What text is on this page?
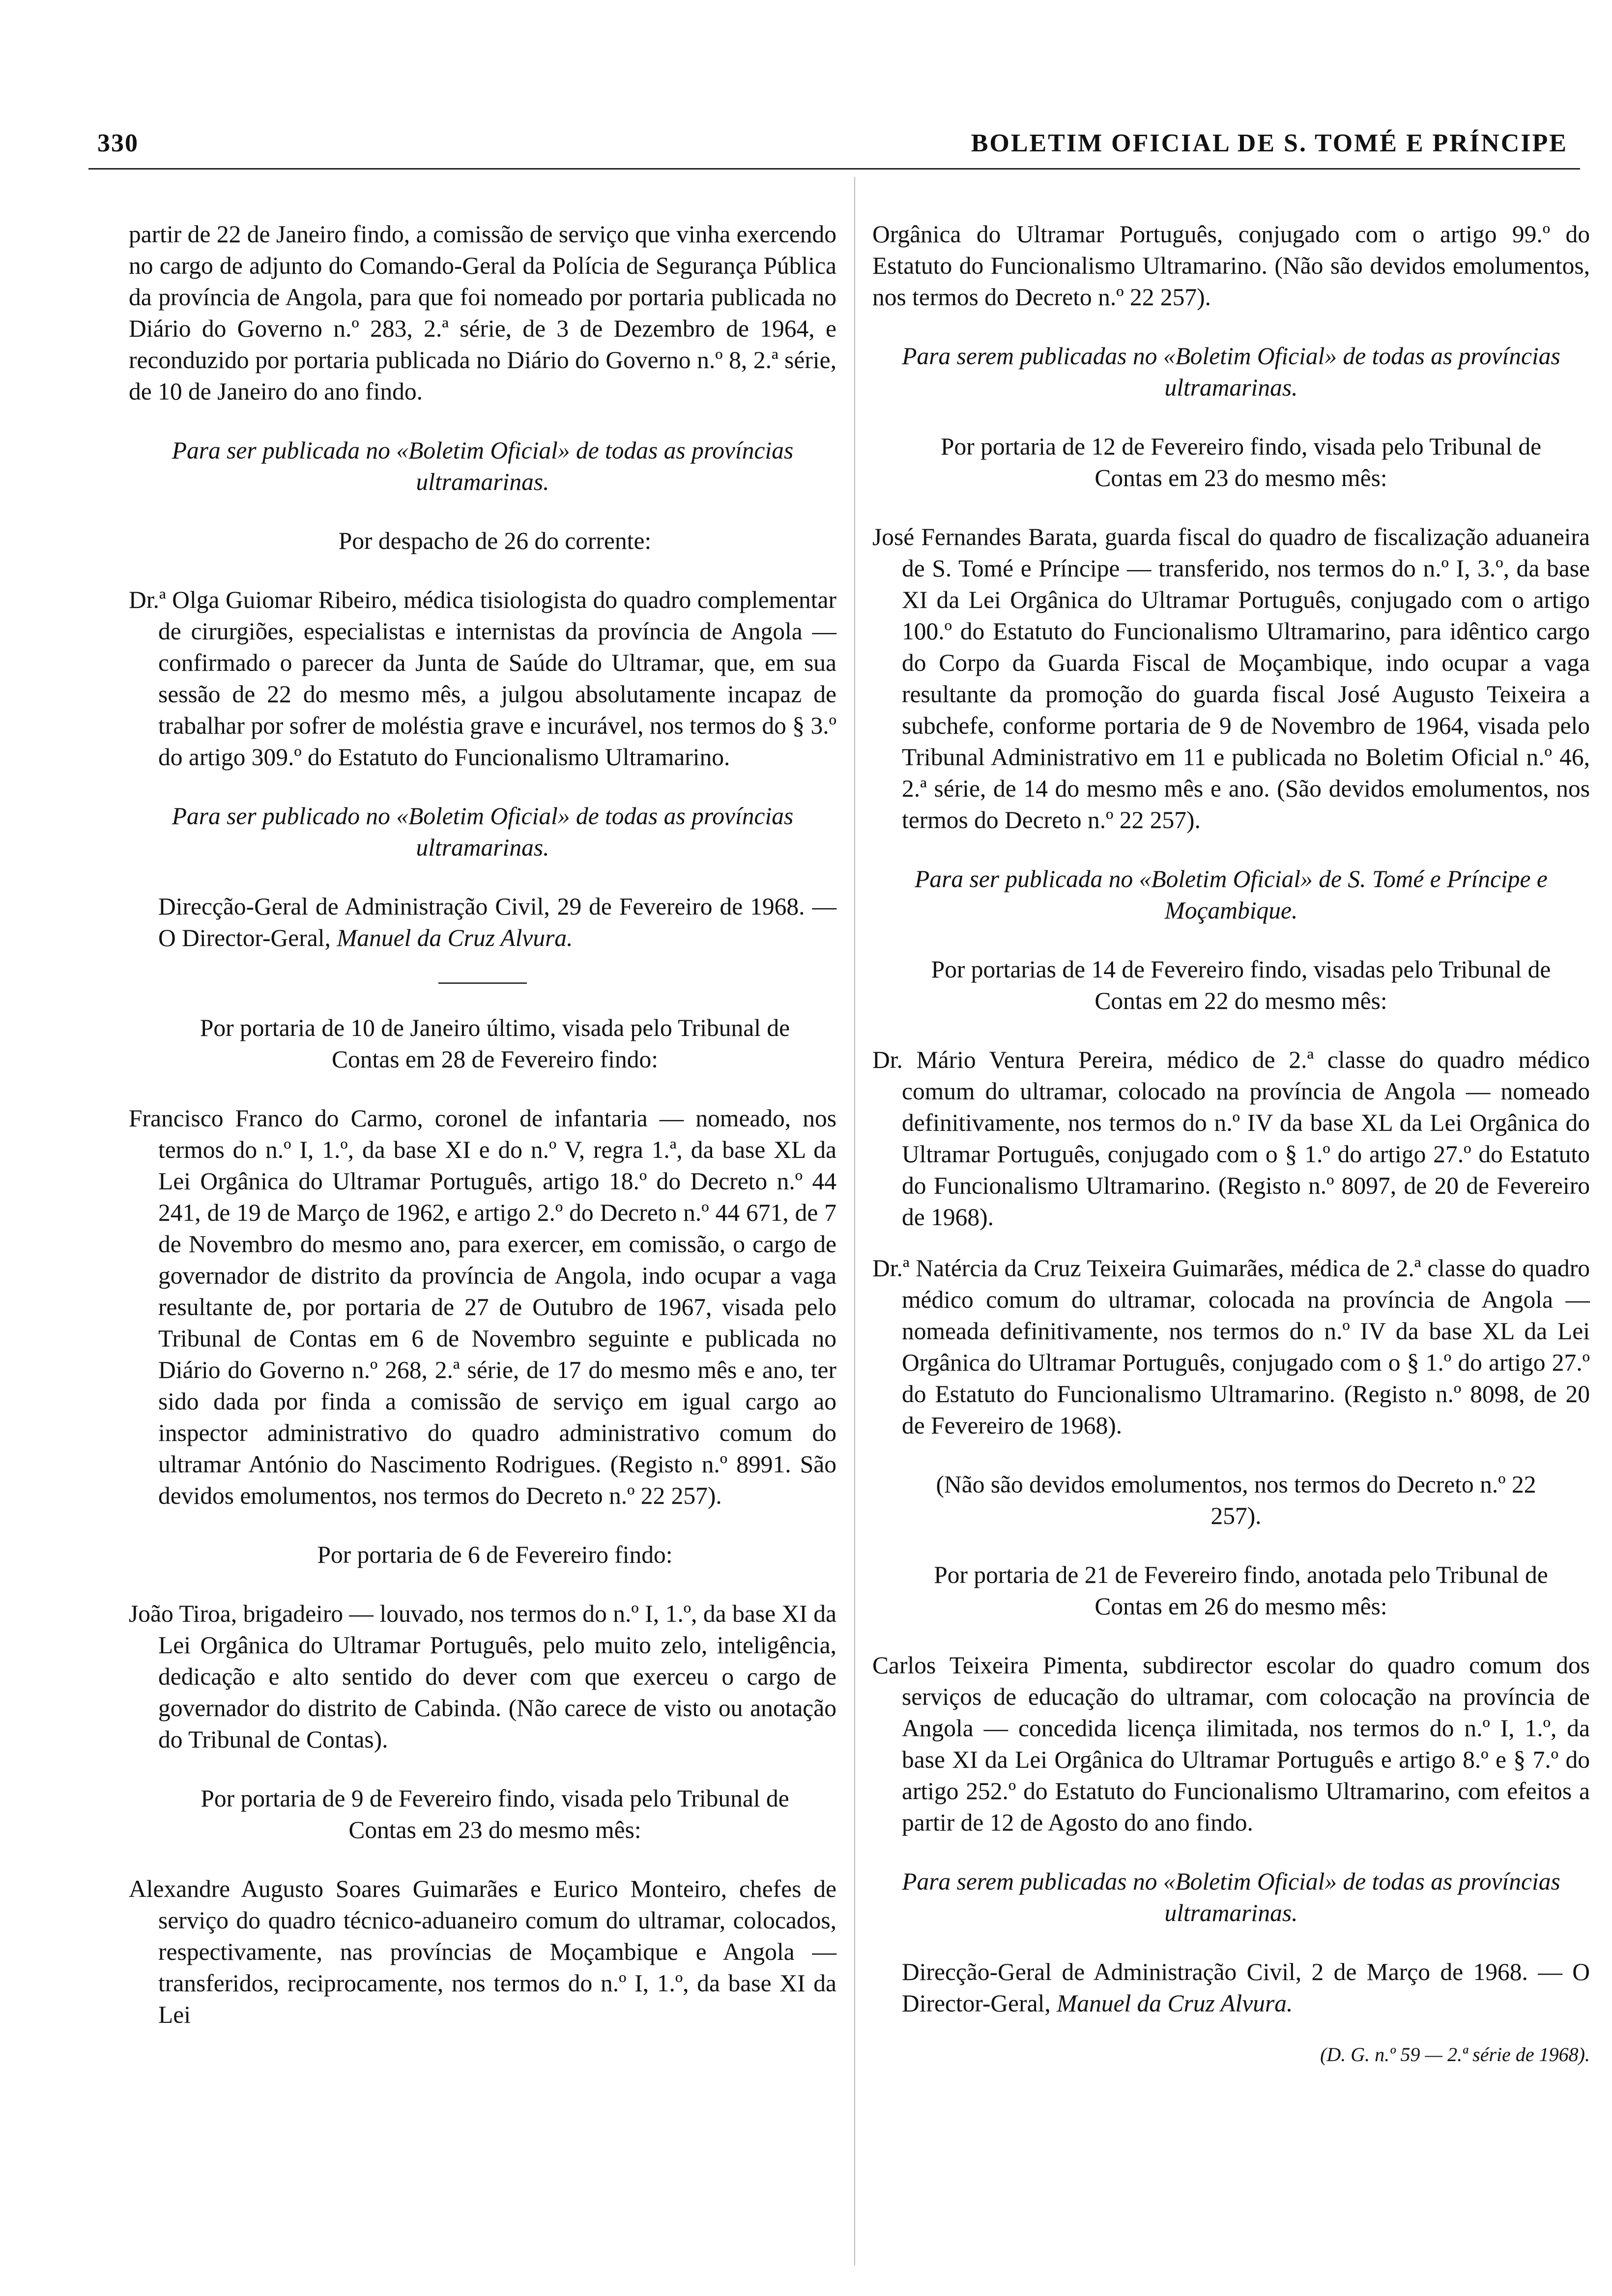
330	BOLETIM OFICIAL DE S. TOMÉ E PRÍNCIPE

partir de 22 de Janeiro findo, a comissão de serviço que vinha exercendo no cargo de adjunto do Comando-Geral da Polícia de Segurança Pública da província de Angola, para que foi nomeado por portaria publicada no Diário do Governo n.º 283, 2.ª série, de 3 de Dezembro de 1964, e reconduzido por portaria publicada no Diário do Governo n.º 8, 2.ª série, de 10 de Janeiro do ano findo.

Para ser publicada no «Boletim Oficial» de todas as províncias ultramarinas.

Por despacho de 26 do corrente:

Dr.ª Olga Guiomar Ribeiro, médica tisiologista do quadro complementar de cirurgiões, especialistas e internistas da província de Angola — confirmado o parecer da Junta de Saúde do Ultramar, que, em sua sessão de 22 do mesmo mês, a julgou absolutamente incapaz de trabalhar por sofrer de moléstia grave e incurável, nos termos do § 3.º do artigo 309.º do Estatuto do Funcionalismo Ultramarino.

Para ser publicado no «Boletim Oficial» de todas as províncias ultramarinas.

Direcção-Geral de Administração Civil, 29 de Fevereiro de 1968. — O Director-Geral, Manuel da Cruz Alvura.

Por portaria de 10 de Janeiro último, visada pelo Tribunal de Contas em 28 de Fevereiro findo:

Francisco Franco do Carmo, coronel de infantaria — nomeado, nos termos do n.º I, 1.º, da base XI e do n.º V, regra 1.ª, da base XL da Lei Orgânica do Ultramar Português, artigo 18.º do Decreto n.º 44 241, de 19 de Março de 1962, e artigo 2.º do Decreto n.º 44 671, de 7 de Novembro do mesmo ano, para exercer, em comissão, o cargo de governador de distrito da província de Angola, indo ocupar a vaga resultante de, por portaria de 27 de Outubro de 1967, visada pelo Tribunal de Contas em 6 de Novembro seguinte e publicada no Diário do Governo n.º 268, 2.ª série, de 17 do mesmo mês e ano, ter sido dada por finda a comissão de serviço em igual cargo ao inspector administrativo do quadro administrativo comum do ultramar António do Nascimento Rodrigues. (Registo n.º 8991. São devidos emolumentos, nos termos do Decreto n.º 22 257).

Por portaria de 6 de Fevereiro findo:

João Tiroa, brigadeiro — louvado, nos termos do n.º I, 1.º, da base XI da Lei Orgânica do Ultramar Português, pelo muito zelo, inteligência, dedicação e alto sentido do dever com que exerceu o cargo de governador do distrito de Cabinda. (Não carece de visto ou anotação do Tribunal de Contas).

Por portaria de 9 de Fevereiro findo, visada pelo Tribunal de Contas em 23 do mesmo mês:

Alexandre Augusto Soares Guimarães e Eurico Monteiro, chefes de serviço do quadro técnico-aduaneiro comum do ultramar, colocados, respectivamente, nas províncias de Moçambique e Angola — transferidos, reciprocamente, nos termos do n.º I, 1.º, da base XI da Lei

Orgânica do Ultramar Português, conjugado com o artigo 99.º do Estatuto do Funcionalismo Ultramarino. (Não são devidos emolumentos, nos termos do Decreto n.º 22 257).

Para serem publicadas no «Boletim Oficial» de todas as províncias ultramarinas.

Por portaria de 12 de Fevereiro findo, visada pelo Tribunal de Contas em 23 do mesmo mês:

José Fernandes Barata, guarda fiscal do quadro de fiscalização aduaneira de S. Tomé e Príncipe — transferido, nos termos do n.º I, 3.º, da base XI da Lei Orgânica do Ultramar Português, conjugado com o artigo 100.º do Estatuto do Funcionalismo Ultramarino, para idêntico cargo do Corpo da Guarda Fiscal de Moçambique, indo ocupar a vaga resultante da promoção do guarda fiscal José Augusto Teixeira a subchefe, conforme portaria de 9 de Novembro de 1964, visada pelo Tribunal Administrativo em 11 e publicada no Boletim Oficial n.º 46, 2.ª série, de 14 do mesmo mês e ano. (São devidos emolumentos, nos termos do Decreto n.º 22 257).

Para ser publicada no «Boletim Oficial» de S. Tomé e Príncipe e Moçambique.

Por portarias de 14 de Fevereiro findo, visadas pelo Tribunal de Contas em 22 do mesmo mês:

Dr. Mário Ventura Pereira, médico de 2.ª classe do quadro médico comum do ultramar, colocado na província de Angola — nomeado definitivamente, nos termos do n.º IV da base XL da Lei Orgânica do Ultramar Português, conjugado com o § 1.º do artigo 27.º do Estatuto do Funcionalismo Ultramarino. (Registo n.º 8097, de 20 de Fevereiro de 1968).

Dr.ª Natércia da Cruz Teixeira Guimarães, médica de 2.ª classe do quadro médico comum do ultramar, colocada na província de Angola — nomeada definitivamente, nos termos do n.º IV da base XL da Lei Orgânica do Ultramar Português, conjugado com o § 1.º do artigo 27.º do Estatuto do Funcionalismo Ultramarino. (Registo n.º 8098, de 20 de Fevereiro de 1968).

(Não são devidos emolumentos, nos termos do Decreto n.º 22 257).

Por portaria de 21 de Fevereiro findo, anotada pelo Tribunal de Contas em 26 do mesmo mês:

Carlos Teixeira Pimenta, subdirector escolar do quadro comum dos serviços de educação do ultramar, com colocação na província de Angola — concedida licença ilimitada, nos termos do n.º I, 1.º, da base XI da Lei Orgânica do Ultramar Português e artigo 8.º e § 7.º do artigo 252.º do Estatuto do Funcionalismo Ultramarino, com efeitos a partir de 12 de Agosto do ano findo.

Para serem publicadas no «Boletim Oficial» de todas as províncias ultramarinas.

Direcção-Geral de Administração Civil, 2 de Março de 1968. — O Director-Geral, Manuel da Cruz Alvura.

(D. G. n.º 59 — 2.ª série de 1968).
